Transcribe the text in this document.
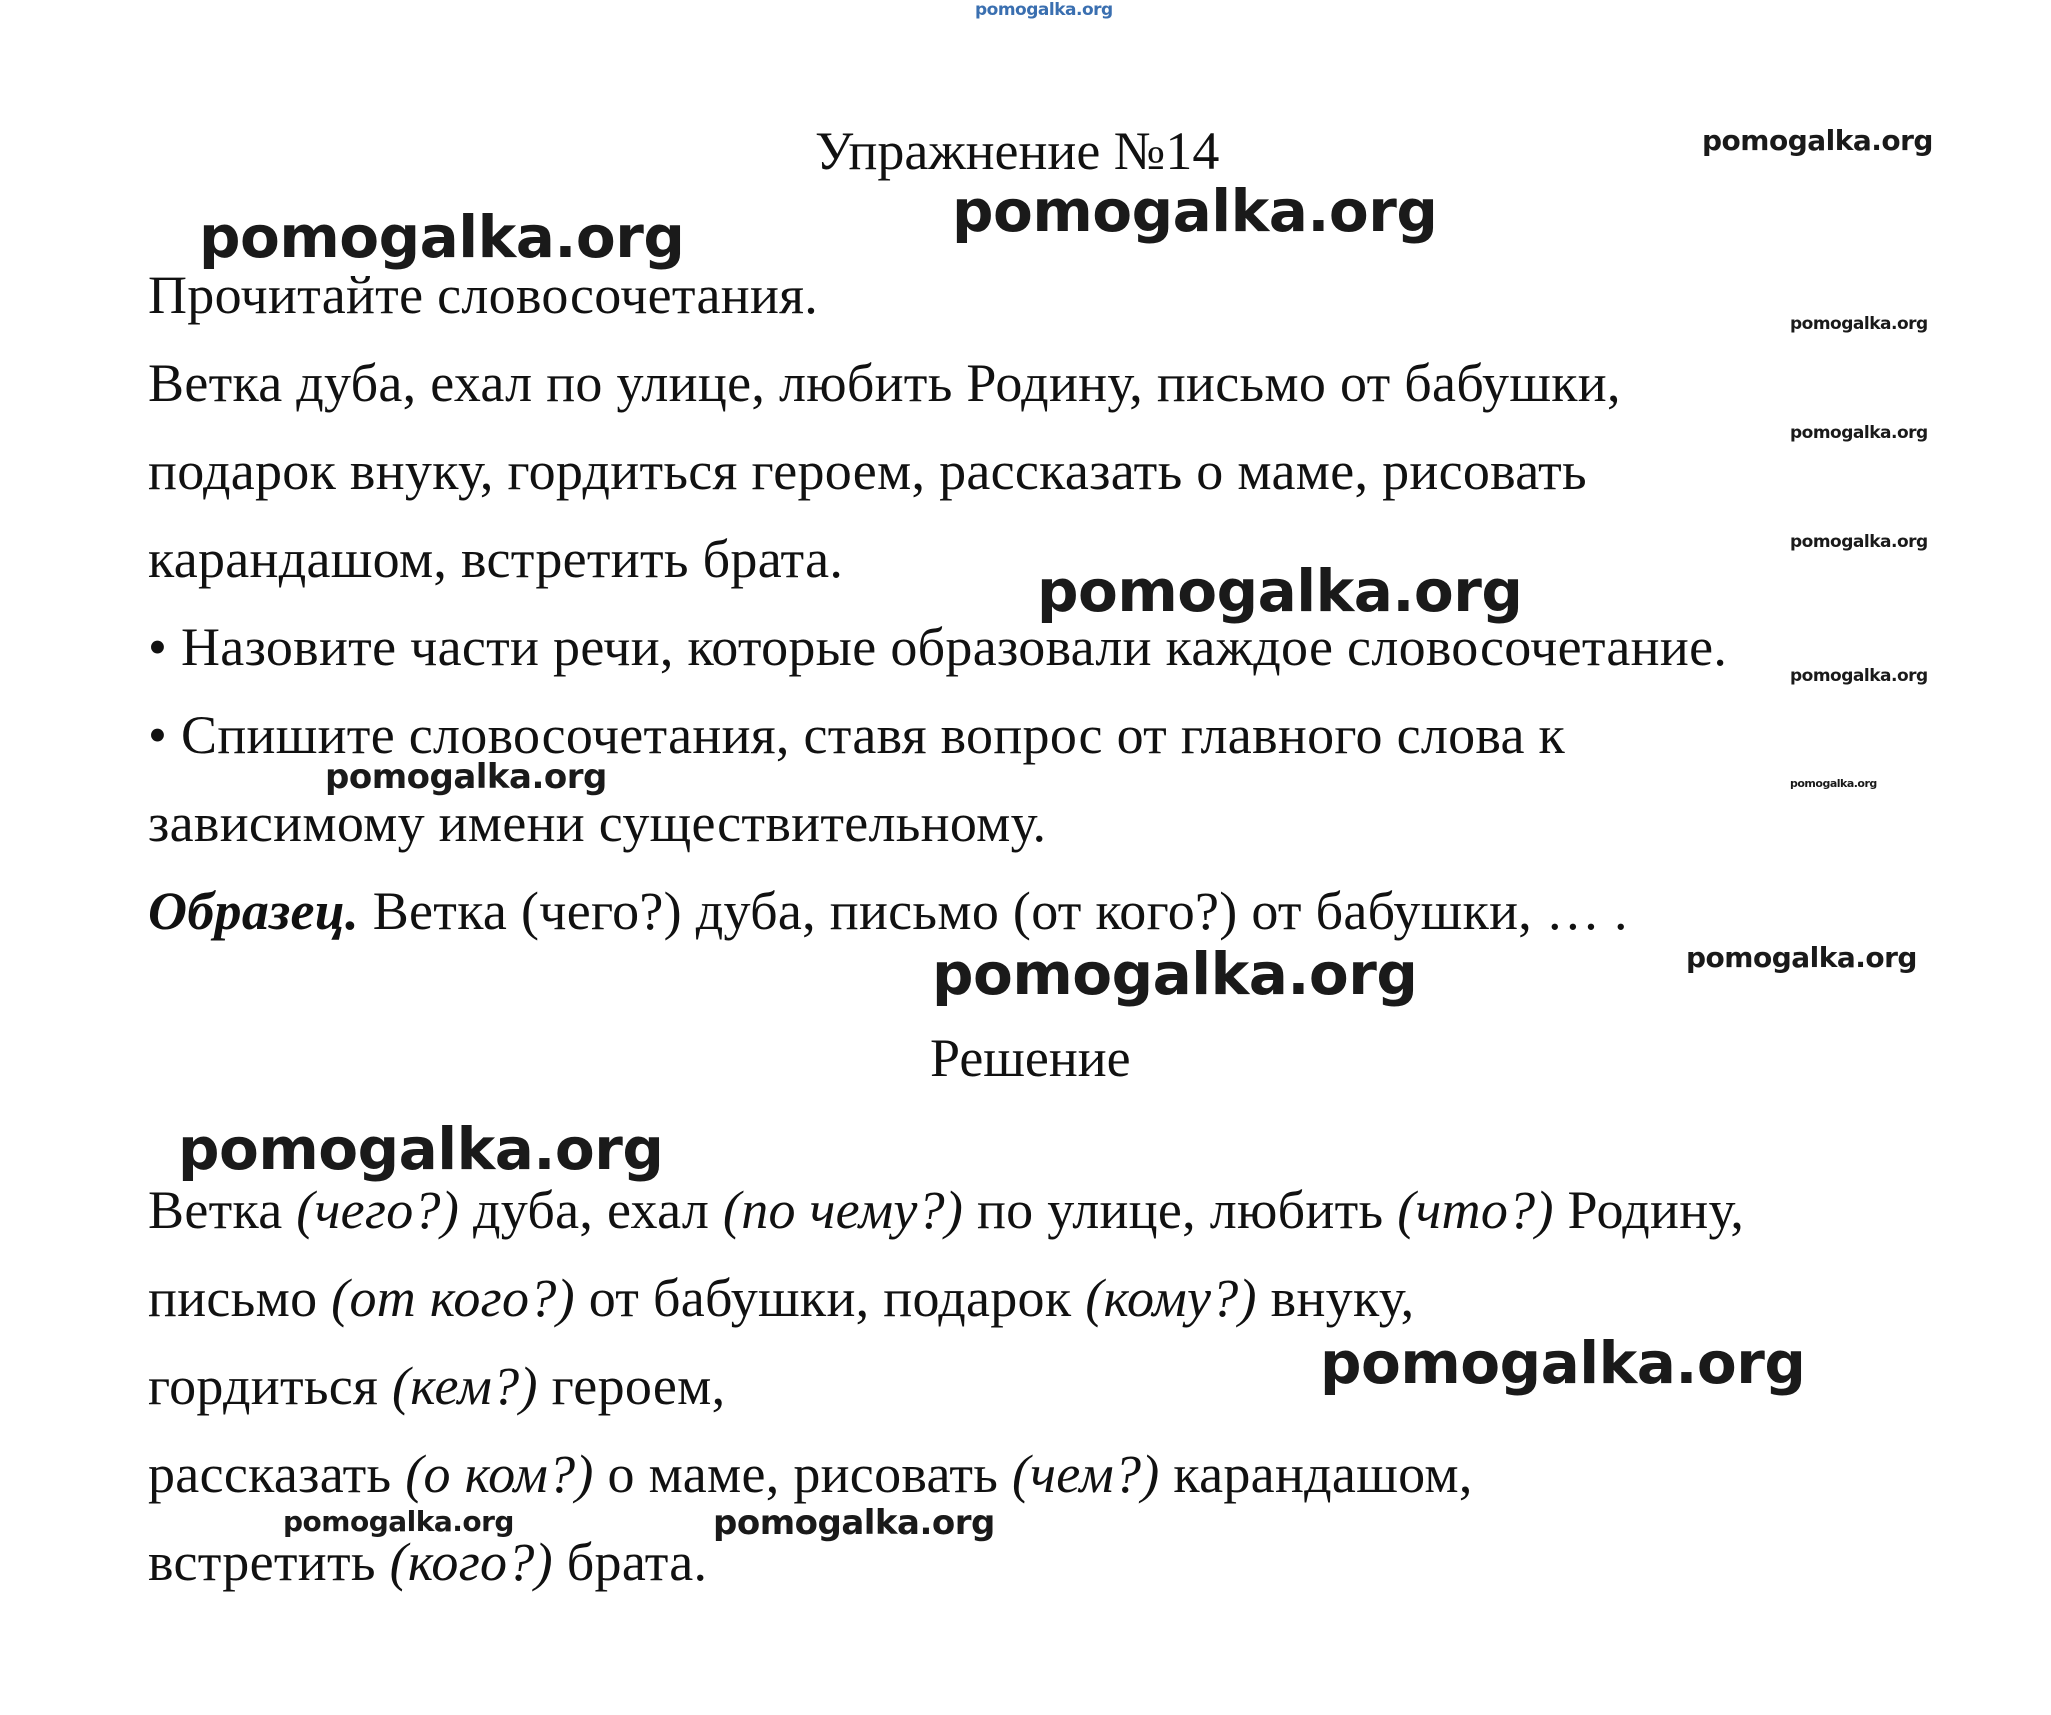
pomogalka.org
Упражнение №14

Прочитайте словосочетания.

Ветка дуба, ехал по улице, любить Родину, письмо от бабушки,

подарок внуку, гордиться героем, рассказать о маме, рисовать

карандашом, встретить брата.

• Назовите части речи, которые образовали каждое словосочетание.

• Спишите словосочетания, ставя вопрос от главного слова к

зависимому имени существительному.

Образец. Ветка (чего?) дуба, письмо (от кого?) от бабушки, … .

Решение

Ветка (чего?) дуба, ехал (по чему?) по улице, любить (что?) Родину,

письмо (от кого?) от бабушки, подарок (кому?) внуку,

гордиться (кем?) героем,

рассказать (о ком?) о маме, рисовать (чем?) карандашом,

встретить (кого?) брата.

pomogalka.org
pomogalka.org
pomogalka.org
pomogalka.org
pomogalka.org
pomogalka.org
pomogalka.org
pomogalka.org
pomogalka.org	pomogalka.org
pomogalka.org
pomogalka.org
pomogalka.org
pomogalka.org
pomogalka.org	pomogalka.org
